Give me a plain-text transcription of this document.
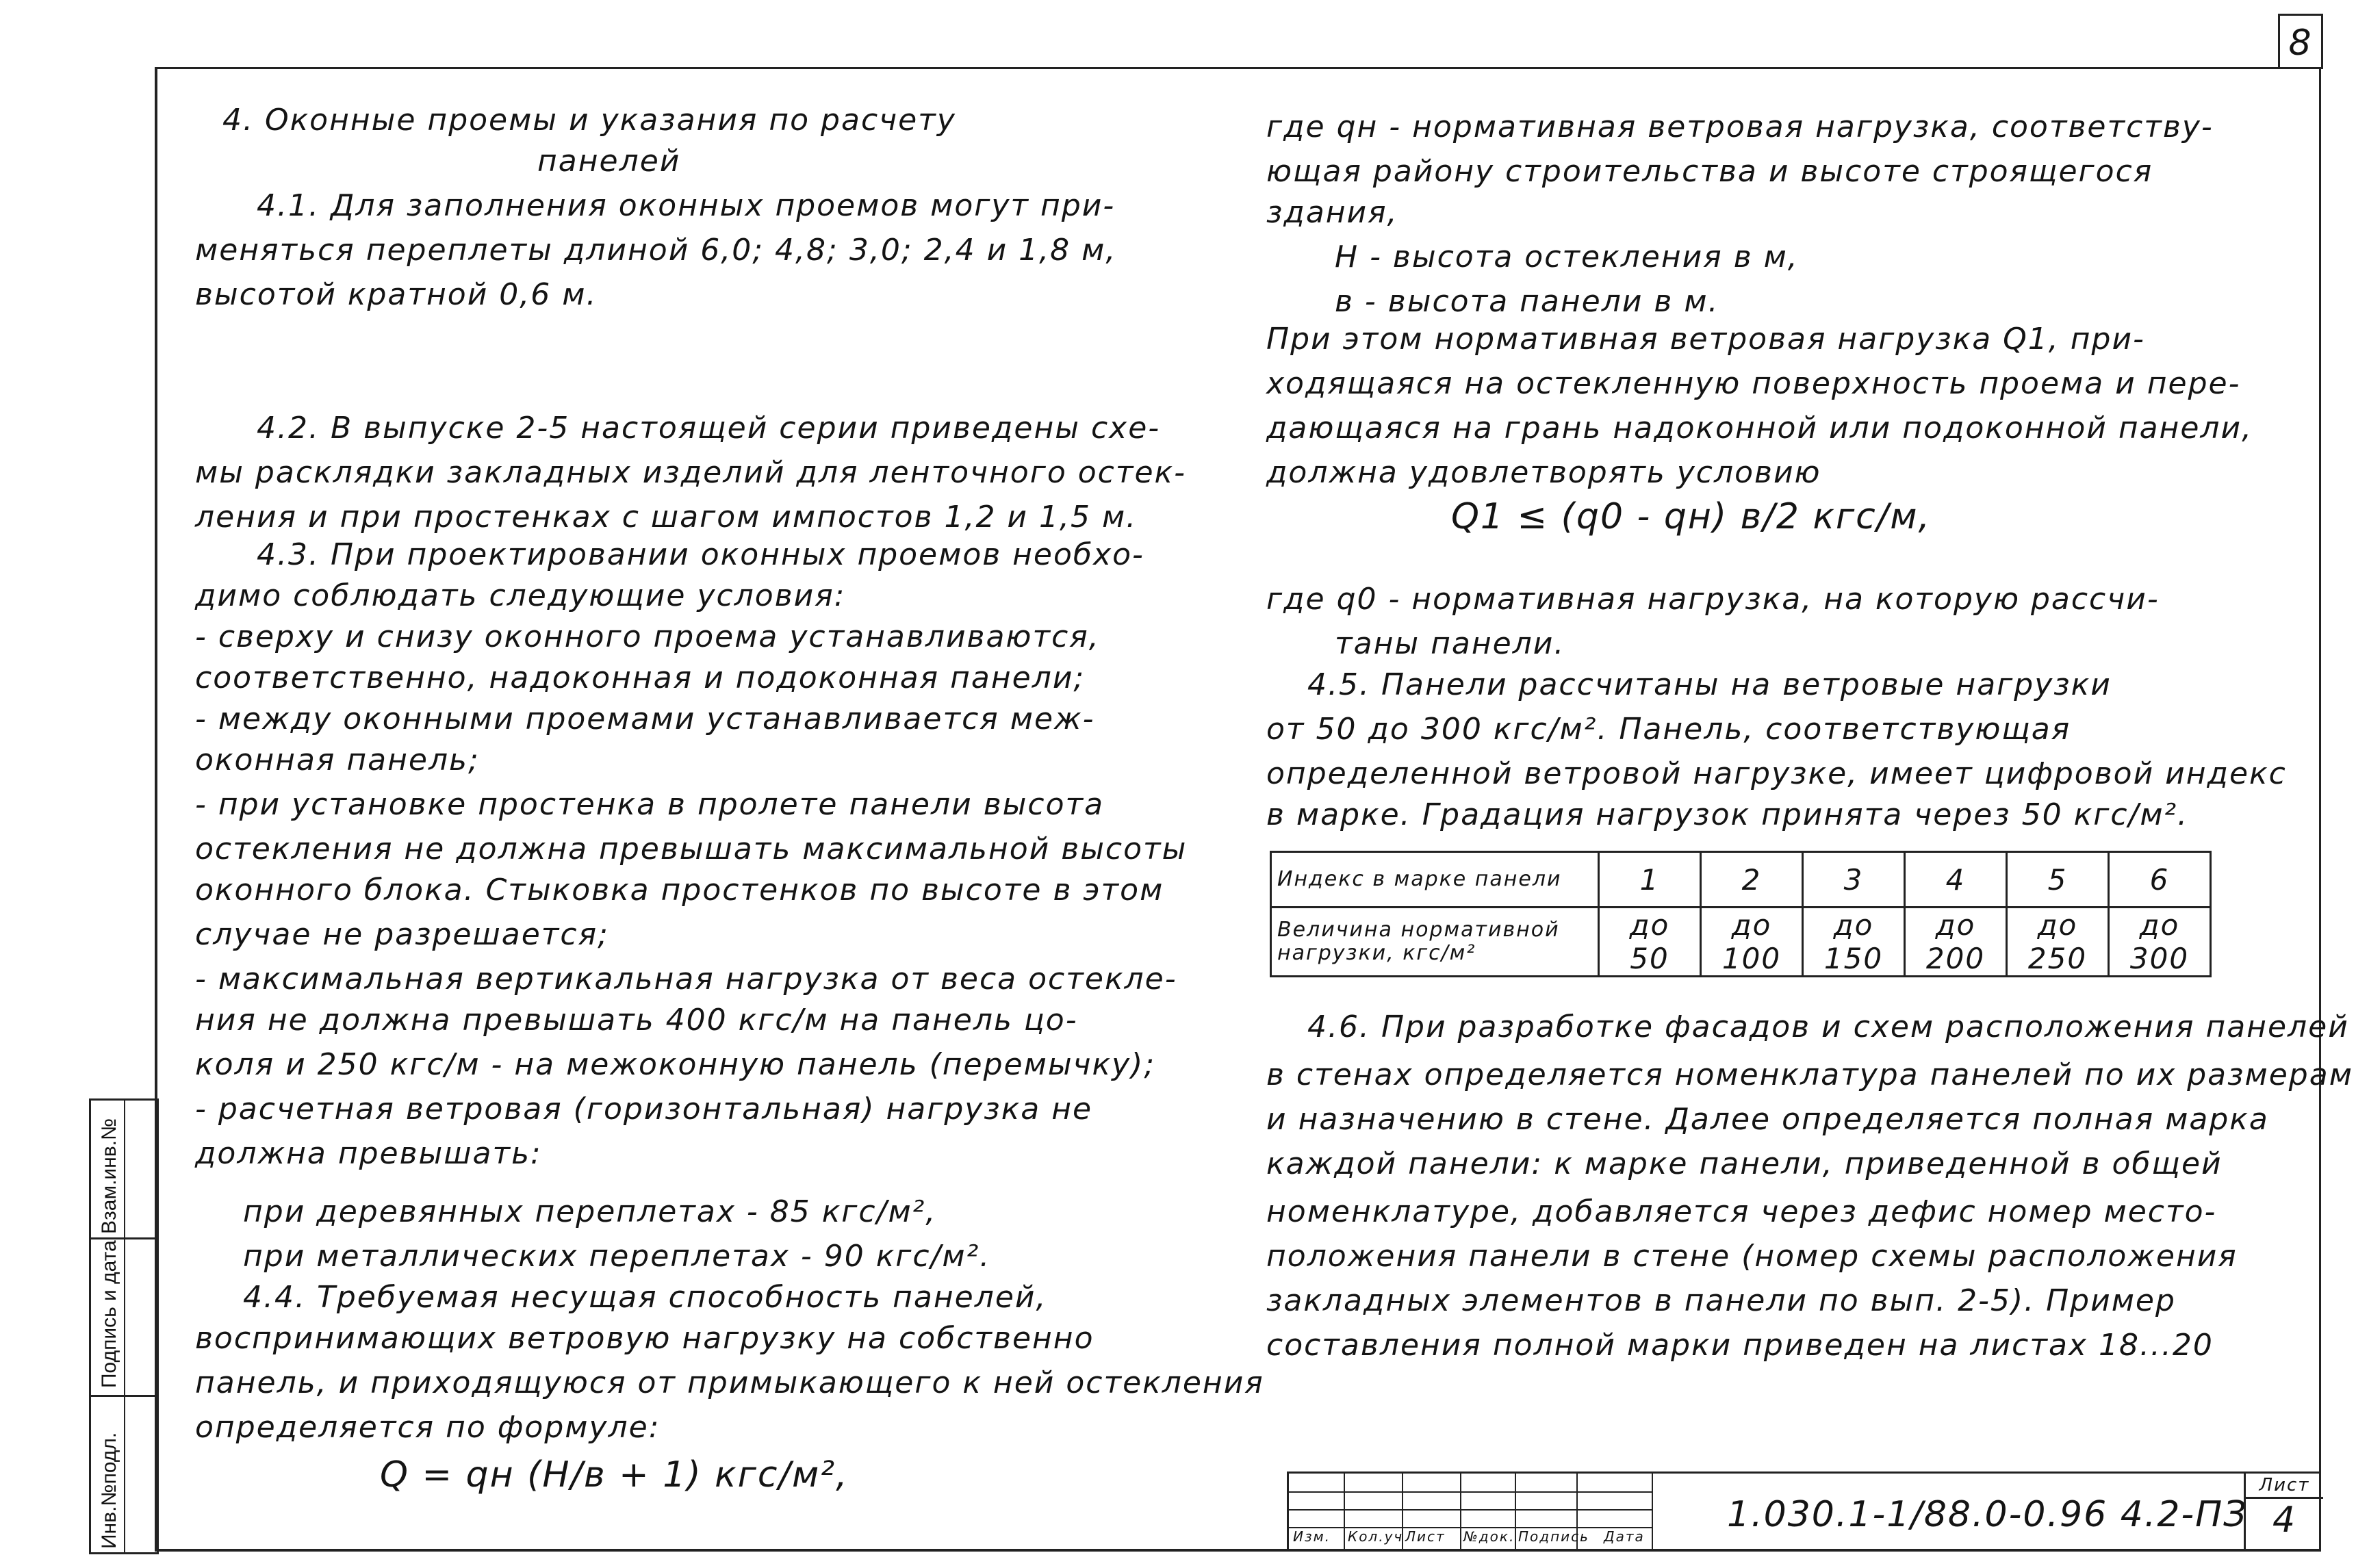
8
Инв.№подл.
Подпись и дата
Взам.инв.№
4. Оконные проемы и указания по расчету
панелей
4.1. Для заполнения оконных проемов могут при-
меняться переплеты длиной 6,0; 4,8; 3,0; 2,4 и 1,8 м,
высотой кратной 0,6 м.
4.2. В выпуске 2-5 настоящей серии приведены схе-
мы расклядки закладных изделий для ленточного остек-
ления и при простенках с шагом импостов 1,2 и 1,5 м.
4.3. При проектировании оконных проемов необхо-
димо соблюдать следующие условия:
- сверху и снизу оконного проема устанавливаются,
соответственно, надоконная и подоконная панели;
- между оконными проемами устанавливается меж-
оконная панель;
- при установке простенка в пролете панели высота
остекления не должна превышать максимальной высоты
оконного блока. Стыковка простенков по высоте в этом
случае не разрешается;
- максимальная вертикальная нагрузка от веса остекле-
ния не должна превышать 400 кгс/м на панель цо-
коля и 250 кгс/м - на межоконную панель (перемычку);
- расчетная ветровая (горизонтальная) нагрузка не
должна превышать:
при деревянных переплетах - 85 кгс/м²,
при металлических переплетах - 90 кгс/м².
4.4. Требуемая несущая способность панелей,
воспринимающих ветровую нагрузку на собственно
панель, и приходящуюся от примыкающего к ней остекления
определяется по формуле:
Q = qн (H/в + 1) кгс/м²,
где qн - нормативная ветровая нагрузка, соответству-
ющая району строительства и высоте строящегося
здания,
H - высота остекления в м,
в - высота панели в м.
При этом нормативная ветровая нагрузка Q1, при-
ходящаяся на остекленную поверхность проема и пере-
дающаяся на грань надоконной или подоконной панели,
должна удовлетворять условию
Q1 ≤ (q0 - qн) в/2 кгс/м,
где q0 - нормативная нагрузка, на которую рассчи-
таны панели.
4.5. Панели рассчитаны на ветровые нагрузки
от 50 до 300 кгс/м². Панель, соответствующая
определенной ветровой нагрузке, имеет цифровой индекс
в марке. Градация нагрузок принята через 50 кгс/м².
4.6. При разработке фасадов и схем расположения панелей
в стенах определяется номенклатура панелей по их размерам
и назначению в стене. Далее определяется полная марка
каждой панели: к марке панели, приведенной в общей
номенклатуре, добавляется через дефис номер место-
положения панели в стене (номер схемы расположения
закладных элементов в панели по вып. 2-5). Пример
составления полной марки приведен на листах 18...20
Индекс в марке панели	1	2	3	4	5	6
Величина нормативной нагрузки, кгс/м²	до 50	до 100	до 150	до 200	до 250	до 300
Изм. Кол.уч Лист №док. Подпись Дата
1.030.1-1/88.0-0.96 4.2-ПЗ
Лист
4
